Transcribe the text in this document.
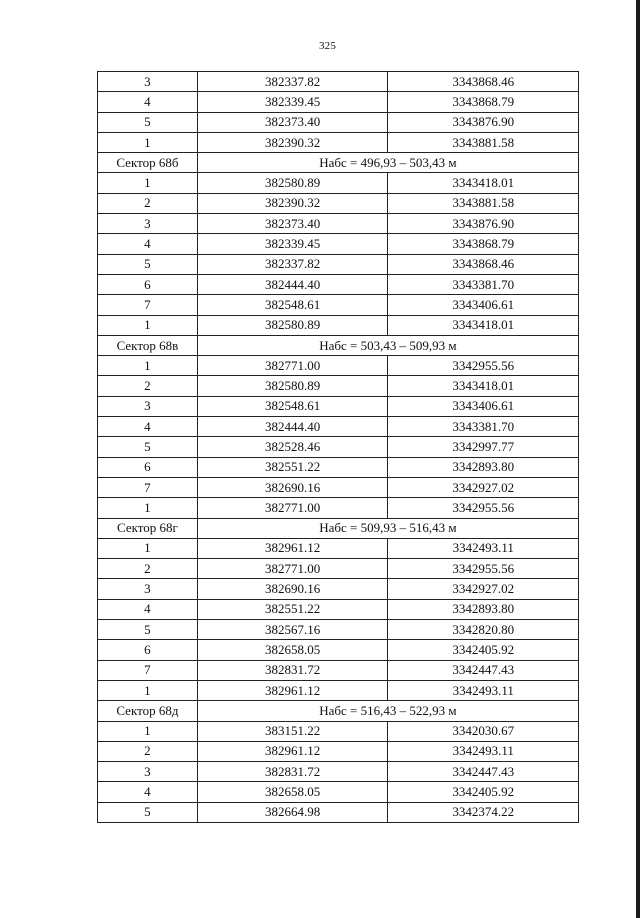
325
3	382337.82	3343868.46
4	382339.45	3343868.79
5	382373.40	3343876.90
1	382390.32	3343881.58
Сектор 68б	Набс = 496,93 – 503,43 м	
1	382580.89	3343418.01
2	382390.32	3343881.58
3	382373.40	3343876.90
4	382339.45	3343868.79
5	382337.82	3343868.46
6	382444.40	3343381.70
7	382548.61	3343406.61
1	382580.89	3343418.01
Сектор 68в	Набс = 503,43 – 509,93 м	
1	382771.00	3342955.56
2	382580.89	3343418.01
3	382548.61	3343406.61
4	382444.40	3343381.70
5	382528.46	3342997.77
6	382551.22	3342893.80
7	382690.16	3342927.02
1	382771.00	3342955.56
Сектор 68г	Набс = 509,93 – 516,43 м	
1	382961.12	3342493.11
2	382771.00	3342955.56
3	382690.16	3342927.02
4	382551.22	3342893.80
5	382567.16	3342820.80
6	382658.05	3342405.92
7	382831.72	3342447.43
1	382961.12	3342493.11
Сектор 68д	Набс = 516,43 – 522,93 м	
1	383151.22	3342030.67
2	382961.12	3342493.11
3	382831.72	3342447.43
4	382658.05	3342405.92
5	382664.98	3342374.22
